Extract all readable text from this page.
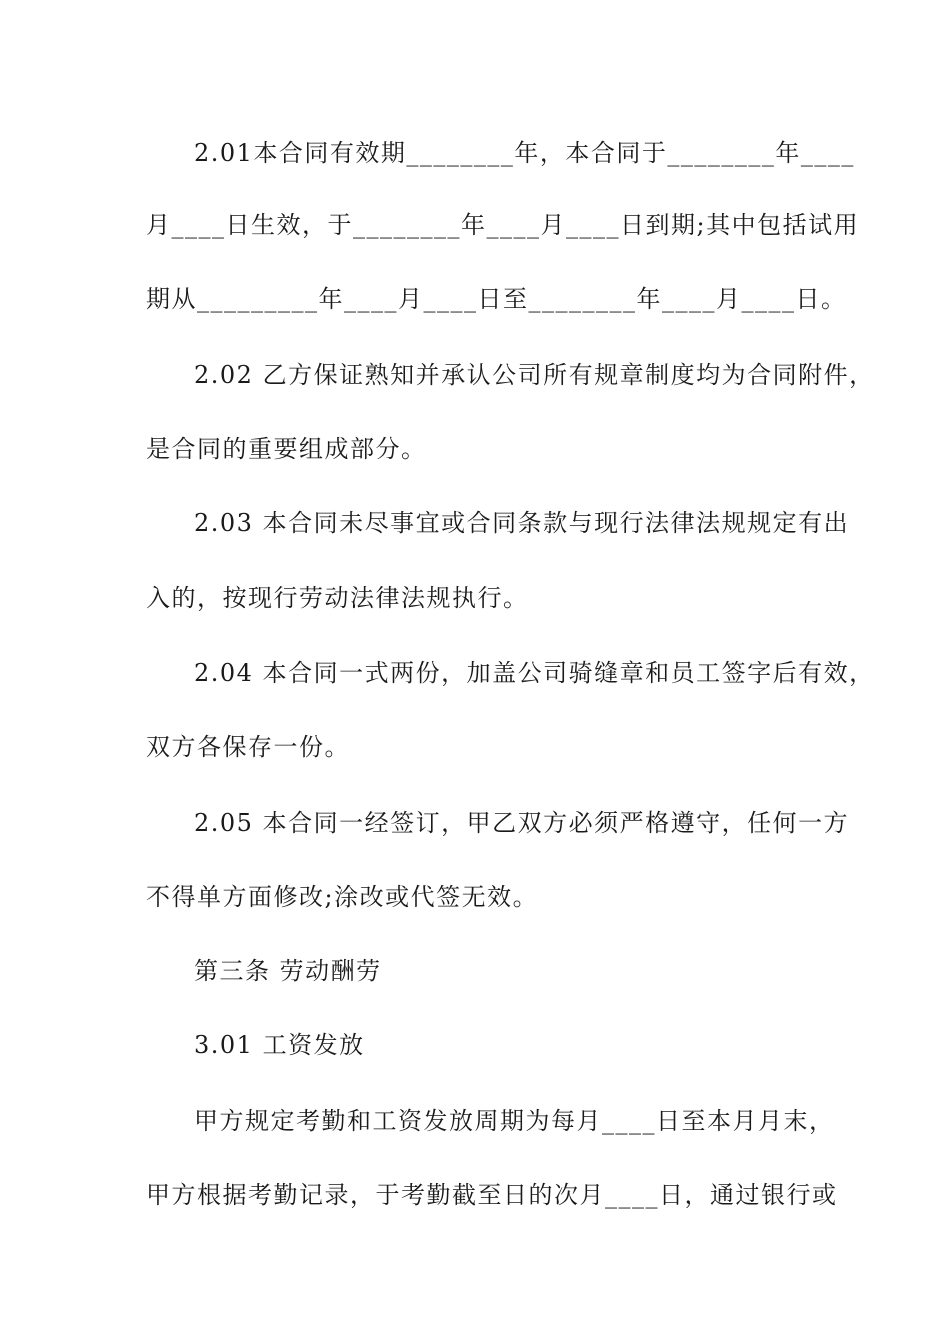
2.01本合同有效期________年，本合同于________年____
月____日生效，于________年____月____日到期;其中包括试用
期从_________年____月____日至________年____月____日。
2.02 乙方保证熟知并承认公司所有规章制度均为合同附件，
是合同的重要组成部分。
2.03 本合同未尽事宜或合同条款与现行法律法规规定有出
入的，按现行劳动法律法规执行。
2.04 本合同一式两份，加盖公司骑缝章和员工签字后有效，
双方各保存一份。
2.05 本合同一经签订，甲乙双方必须严格遵守，任何一方
不得单方面修改;涂改或代签无效。
第三条 劳动酬劳
3.01 工资发放
甲方规定考勤和工资发放周期为每月____日至本月月末，
甲方根据考勤记录，于考勤截至日的次月____日，通过银行或
